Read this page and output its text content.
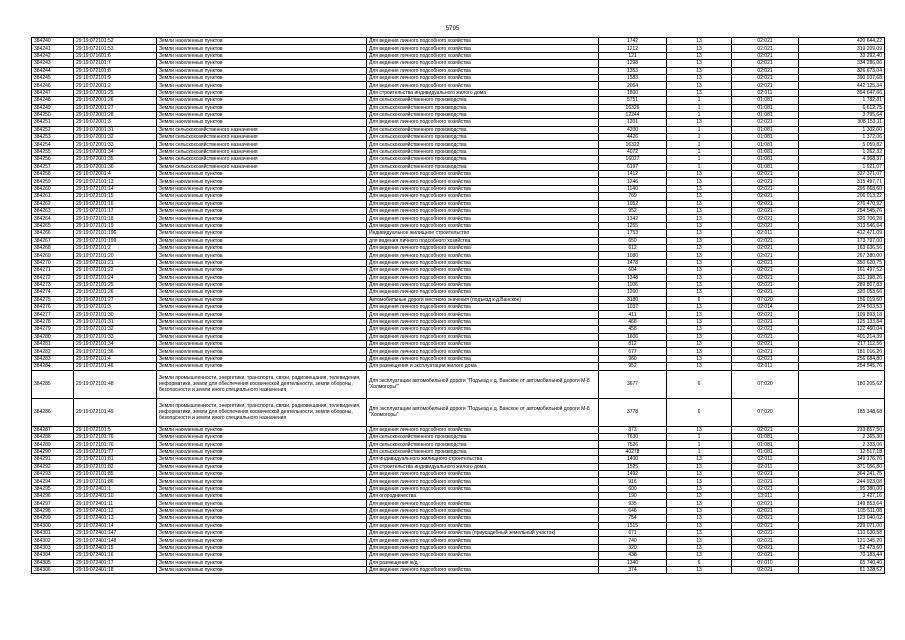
5795
384240	29:19:072101:52	Земли населенных пунктов	Для ведения личного подсобного хозяйства	1742	13	02:021	420 644,22
384241	29:19:072101:53	Земли населенных пунктов	Для ведения личного подсобного хозяйства	1212	13	02:021	319 209,09
384242	29:19:071601:6	Земли населенных пунктов	Для ведения личного подсобного хозяйства	121	13	02:021	33 292,40
384243	29:19:072101:7	Земли населенных пунктов	Для ведения личного подсобного хозяйства	1298	13	02:021	334 286,06
384244	29:19:072101:8	Земли населенных пунктов	Для ведения личного подсобного хозяйства	1353	13	02:021	326 673,04
384245	29:19:072101:9	Земли населенных пунктов	Для ведения личного подсобного хозяйства	1583	13	02:021	390 937,68
384246	29:19:072001:2	Земли населенных пунктов	Для ведения личного подсобного хозяйства	2064	13	02:021	442 125,34
384247	29:19:072001:25	Земли населенных пунктов	Для строительства индивидуального жилого дома	1800	13	02:011	394 647,66
384248	29:19:072001:26	Земли населенных пунктов	Для сельскохозяйственного производства	5751	1	01:081	1 782,81
384249	29:19:072001:27	Земли населенных пунктов	Для сельскохозяйственного производства	16326	1	01:081	6 612,75
384250	29:19:072001:28	Земли населенных пунктов	Для сельскохозяйственного производства	12244	1	01:081	3 795,64
384251	29:19:072001:3	Земли населенных пунктов	Для ведения личного подсобного хозяйства	1201	13	02:021	308 153,11
384252	29:19:072001:31	Земли сельскохозяйственного назначения	Для сельскохозяйственного производства	4200	1	01:081	1 302,00
384253	29:19:072001:32	Земли сельскохозяйственного назначения	Для сельскохозяйственного производства	4426	1	01:081	1 372,06
384254	29:19:072001:33	Земли сельскохозяйственного назначения	Для сельскохозяйственного производства	16322	1	01:081	5 059,82
384255	29:19:072001:34	Земли сельскохозяйственного назначения	Для сельскохозяйственного производства	4072	1	01:081	1 262,32
384256	29:19:072001:35	Земли сельскохозяйственного назначения	Для сельскохозяйственного производства	16027	1	01:081	4 968,37
384257	29:19:072001:36	Земли сельскохозяйственного назначения	Для сельскохозяйственного производства	6197	1	01:081	1 921,07
384258	29:19:072001:4	Земли населенных пунктов	Для ведения личного подсобного хозяйства	1412	13	02:021	327 371,07
384259	29:19:072101:13	Земли населенных пунктов	Для ведения личного подсобного хозяйства	1246	13	02:021	315 497,71
384260	29:19:072101:14	Земли населенных пунктов	Для ведения личного подсобного хозяйства	1140	13	02:021	295 668,60
384261	29:19:072101:15	Земли населенных пунктов	Для ведения личного подсобного хозяйства	769	13	02:021	206 013,22
384262	29:19:072101:16	Земли населенных пунктов	Для ведения личного подсобного хозяйства	1052	13	02:021	276 470,92
384263	29:19:072101:17	Земли населенных пунктов	Для ведения личного подсобного хозяйства	952	13	02:021	254 545,76
384264	29:19:072101:18	Земли населенных пунктов	Для ведения личного подсобного хозяйства	1342	13	02:021	320 706,28
384265	29:19:072101:19	Земли населенных пунктов	Для ведения личного подсобного хозяйства	1255	13	02:021	313 546,64
384266	29:19:072101:196	Земли населенных пунктов	Индивидуальное жилищное строительство	1753	13	02:011	412 471,09
384267	29:19:072101:199	Земли населенных пунктов	для ведения личного подсобного хозяйства	650	13	02:021	173 797,00
384268	29:19:072101:2	Земли населенных пунктов	Для ведения личного подсобного хозяйства	612	13	02:021	163 636,56
384269	29:19:072101:20	Земли населенных пунктов	Для ведения личного подсобного хозяйства	1080	13	02:021	267 380,00
384270	29:19:072101:21	Земли населенных пунктов	Для ведения личного подсобного хозяйства	1478	13	02:021	350 620,75
384271	29:19:072101:22	Земли населенных пунктов	Для ведения личного подсобного хозяйства	604	13	02:021	161 497,52
384272	29:19:072101:24	Земли населенных пунктов	Для ведения личного подсобного хозяйства	1348	13	02:021	331 198,26
384273	29:19:072101:25	Земли населенных пунктов	Для ведения личного подсобного хозяйства	1106	13	02:021	289 807,83
384274	29:19:072101:26	Земли населенных пунктов	Для ведения личного подсобного хозяйства	1260	13	02:021	320 053,66
384275	29:19:072101:27	Земли населенных пунктов	Автомобильные дороги местного значения (подъезд к д.Ванское)	3180	6	07:020	156 019,60
384276	29:19:072101:3	Земли населенных пунктов	Для ведения личного подсобного хозяйства	1037	13	02:014	274 503,53
384277	29:19:072101:30	Земли населенных пунктов	Для ведения личного подсобного хозяйства	411	13	02:021	109 893,18
384278	29:19:072101:31	Земли населенных пунктов	Для ведения личного подсобного хозяйства	468	13	02:021	125 133,84
384279	29:19:072101:32	Земли населенных пунктов	Для ведения личного подсобного хозяйства	458	13	02:021	122 460,04
384280	29:19:072101:33	Земли населенных пунктов	Для ведения личного подсобного хозяйства	1606	13	02:021	401 214,39
384281	29:19:072101:34	Земли населенных пунктов	Для ведения личного подсобного хозяйства	812	13	02:021	217 112,56
384282	29:19:072101:36	Земли населенных пунктов	Для ведения личного подсобного хозяйства	677	13	02:021	181 016,26
384283	29:19:072101:4	Земли населенных пунктов	Для ведения личного подсобного хозяйства	960	13	02:021	256 684,80
384284	29:19:072101:46	Земли населенных пунктов	Для размещения и эксплуатации жилого дома	952	13	02:011	254 545,76
384285	29:19:072101:48	Земли промышленности, энергетики, транспорта, связи, радиовещания, телевидения, информатики, земли для обеспечения космической деятельности, земли обороны, безопасности и земли иного специального назначения	Для эксплуатации автомобильной дороги "Подъезд к д. Ванское от автомобильной дороги М-8 'Холмогоры'"	3677	6	07:020	180 205,62
384286	29:19:072101:49	Земли промышленности, энергетики, транспорта, связи, радиовещания, телевидения, информатики, земли для обеспечения космической деятельности, земли обороны, безопасности и земли иного специального назначения	Для эксплуатации автомобильной дороги "Подъезд к д. Ванское от автомобильной дороги М-8 "Холмогоры"	3778	6	07:020	185 348,68
384287	29:19:072101:5	Земли населенных пунктов	Для ведения личного подсобного хозяйства	873	13	02:021	233 857,50
384288	29:19:072101:76	Земли населенных пунктов	Для сельскохозяйственного производства	7630	1	01:081	2 365,30
384289	29:19:072101:76	Земли населенных пунктов	Для сельскохозяйственного производства	7526	1	01:081	2 333,06
384290	29:19:072101:77	Земли населенных пунктов	Для сельскохозяйственного производства	40278	1	01:081	12 517,18
384291	29:19:072101:81	Земли населенных пунктов	Для индивидуального жилищного строительства	1400	13	02:011	349 176,76
384292	29:19:072101:82	Земли населенных пунктов	Для строительства индивидуального жилого дома	1525	13	02:011	371 056,80
384293	29:19:072101:85	Земли населенных пунктов	Для ведения личного подсобного хозяйства	1492	13	02:021	364 241,75
384294	29:19:072101:86	Земли населенных пунктов	Для ведения личного подсобного хозяйства	916	13	02:021	244 923,08
384295	29:19:072401:1	Земли населенных пунктов	Для ведения личного подсобного хозяйства	600	13	02:021	95 380,00
384296	29:19:072401:10	Земли населенных пунктов	Для огородничества	190	13	13:011	3 427,16
384297	29:19:072401:11	Земли населенных пунктов	Для ведения личного подсобного хозяйства	935	13	02:021	149 853,64
384298	29:19:072401:12	Земли населенных пунктов	Для ведения личного подсобного хозяйства	646	13	02:021	105 511,08
384299	29:19:072401:13	Земли населенных пунктов	Для ведения личного подсобного хозяйства	754	13	02:021	123 040,02
384300	29:19:072401:14	Земли населенных пунктов	Для ведения личного подсобного хозяйства	1515	13	02:021	229 071,00
384301	29:19:072401:147	Земли населенных пунктов	Для ведения личного подсобного хозяйства (приусадебный земельный участок)	671	13	02:021	110 630,58
384302	29:19:072401:148	Земли населенных пунктов	Для ведения личного подсобного хозяйства	740	13	02:021	121 345,20
384303	29:19:072401:15	Земли населенных пунктов	Для ведения личного подсобного хозяйства	320	13	02:021	52 473,60
384304	29:19:072401:16	Земли населенных пунктов	Для ведения личного подсобного хозяйства	438	13	02:021	70 183,44
384305	29:19:072401:17	Земли населенных пунктов	Для размещения ж/д	1340	6	07:010	65 740,40
384306	29:19:072401:18	Земли населенных пунктов	Для ведения личного подсобного хозяйства	374	13	02:021	61 328,52
